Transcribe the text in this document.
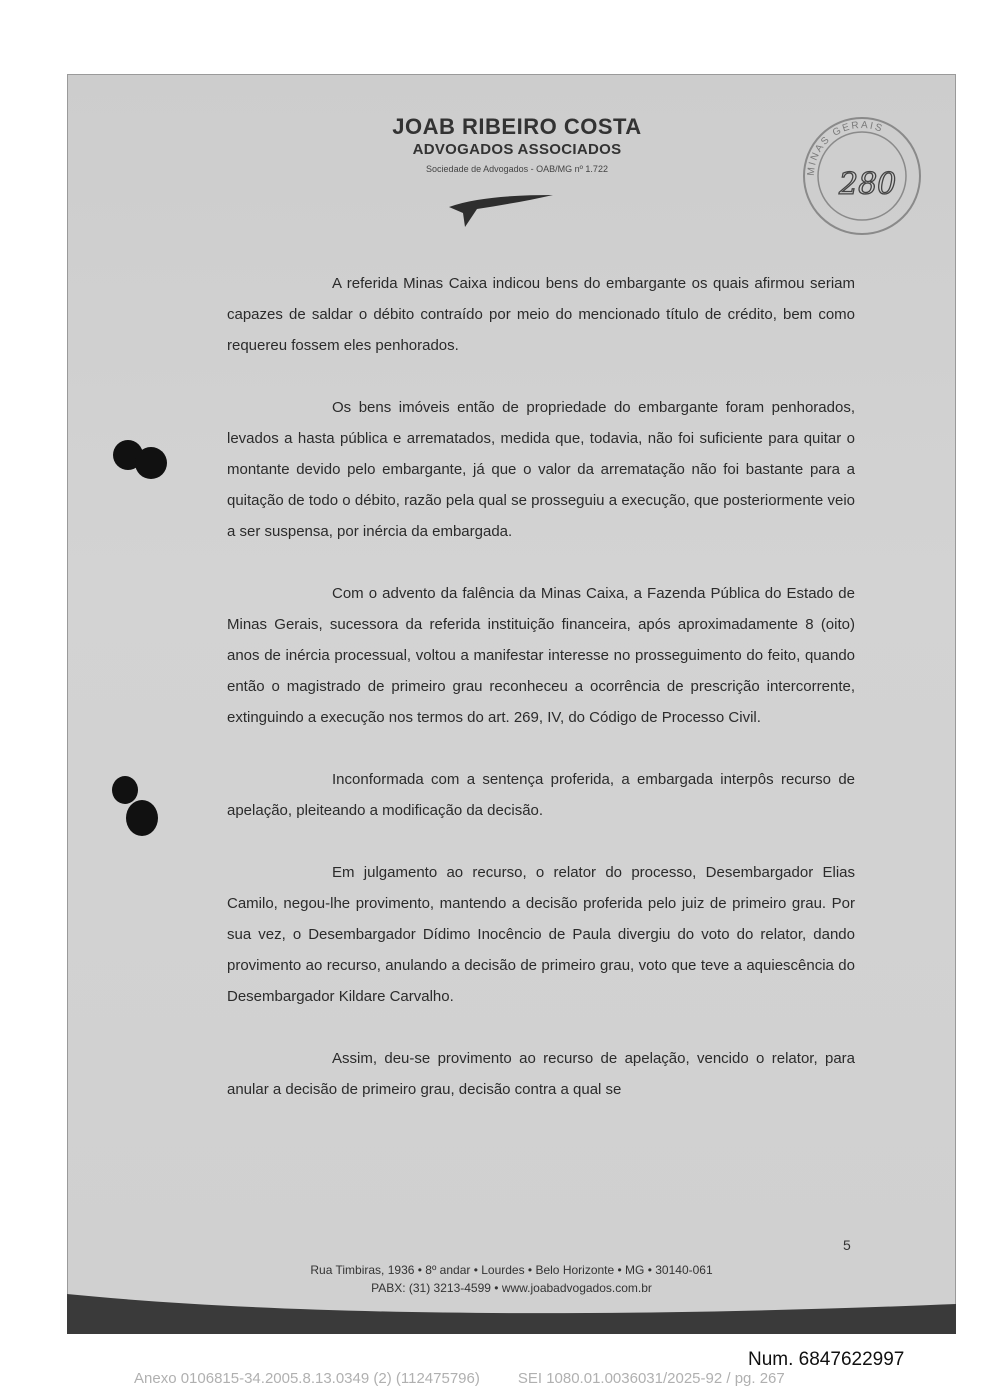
JOAB RIBEIRO COSTA
ADVOGADOS ASSOCIADOS
Sociedade de Advogados - OAB/MG nº 1.722	MINAS GERAIS
280

A referida Minas Caixa indicou bens do embargante os quais afirmou seriam capazes de saldar o débito contraído por meio do mencionado título de crédito, bem como requereu fossem eles penhorados.

Os bens imóveis então de propriedade do embargante foram penhorados, levados a hasta pública e arrematados, medida que, todavia, não foi suficiente para quitar o montante devido pelo embargante, já que o valor da arrematação não foi bastante para a quitação de todo o débito, razão pela qual se prosseguiu a execução, que posteriormente veio a ser suspensa, por inércia da embargada.

Com o advento da falência da Minas Caixa, a Fazenda Pública do Estado de Minas Gerais, sucessora da referida instituição financeira, após aproximadamente 8 (oito) anos de inércia processual, voltou a manifestar interesse no prosseguimento do feito, quando então o magistrado de primeiro grau reconheceu a ocorrência de prescrição intercorrente, extinguindo a execução nos termos do art. 269, IV, do Código de Processo Civil.

Inconformada com a sentença proferida, a embargada interpôs recurso de apelação, pleiteando a modificação da decisão.

Em julgamento ao recurso, o relator do processo, Desembargador Elias Camilo, negou-lhe provimento, mantendo a decisão proferida pelo juiz de primeiro grau. Por sua vez, o Desembargador Dídimo Inocêncio de Paula divergiu do voto do relator, dando provimento ao recurso, anulando a decisão de primeiro grau, voto que teve a aquiescência do Desembargador Kildare Carvalho.

Assim, deu-se provimento ao recurso de apelação, vencido o relator, para anular a decisão de primeiro grau, decisão contra a qual se

5
Rua Timbiras, 1936 • 8º andar • Lourdes • Belo Horizonte • MG • 30140-061
PABX: (31) 3213-4599 • www.joabadvogados.com.br
Num. 6847622997
Anexo 0106815-34.2005.8.13.0349 (2) (112475796)	SEI 1080.01.0036031/2025-92 / pg. 267
